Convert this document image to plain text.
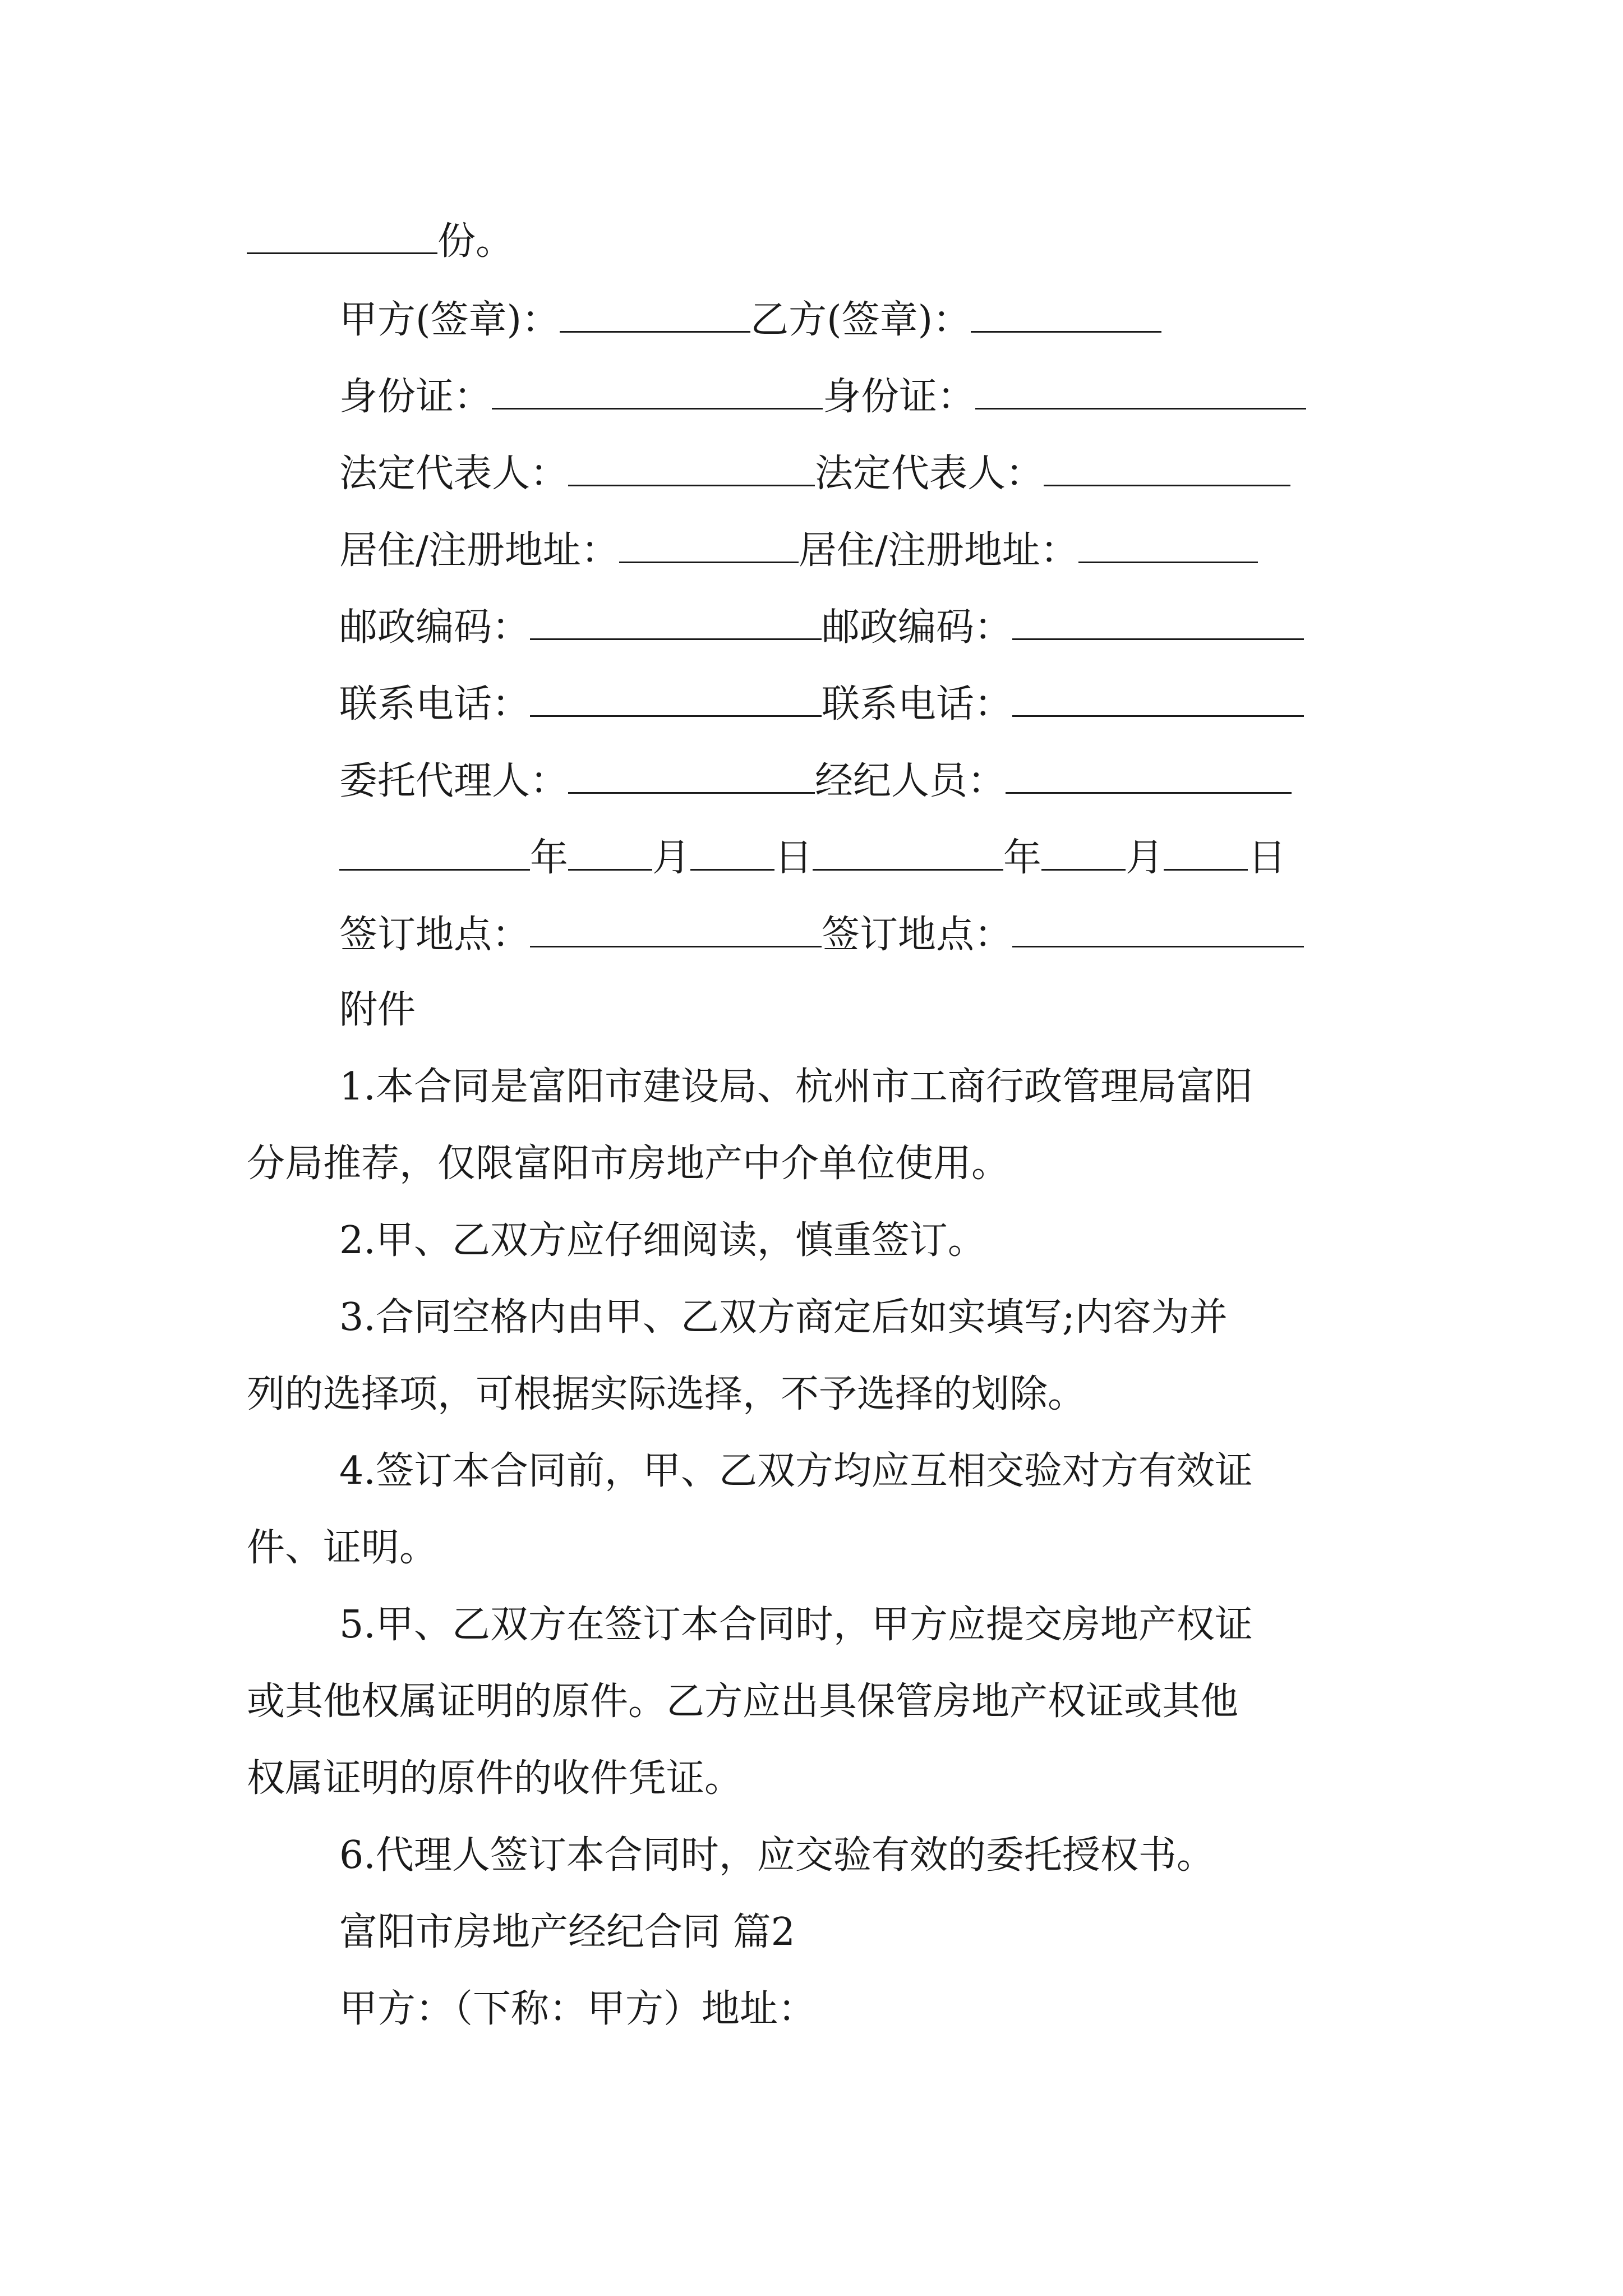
份。
甲方(签章)：	乙方(签章)：
身份证：	身份证：
法定代表人：	法定代表人：
居住/注册地址：	居住/注册地址：
邮政编码：	邮政编码：
联系电话：	联系电话：
委托代理人：	经纪人员：
年 月 日	年 月 日
签订地点：	签订地点：
附件
1.本合同是富阳市建设局、杭州市工商行政管理局富阳
分局推荐，仅限富阳市房地产中介单位使用。
2.甲、乙双方应仔细阅读，慎重签订。
3.合同空格内由甲、乙双方商定后如实填写;内容为并
列的选择项，可根据实际选择，不予选择的划除。
4.签订本合同前，甲、乙双方均应互相交验对方有效证
件、证明。
5.甲、乙双方在签订本合同时，甲方应提交房地产权证
或其他权属证明的原件。乙方应出具保管房地产权证或其他
权属证明的原件的收件凭证。
6.代理人签订本合同时，应交验有效的委托授权书。
富阳市房地产经纪合同 篇2
甲方：（下称：甲方）地址：
